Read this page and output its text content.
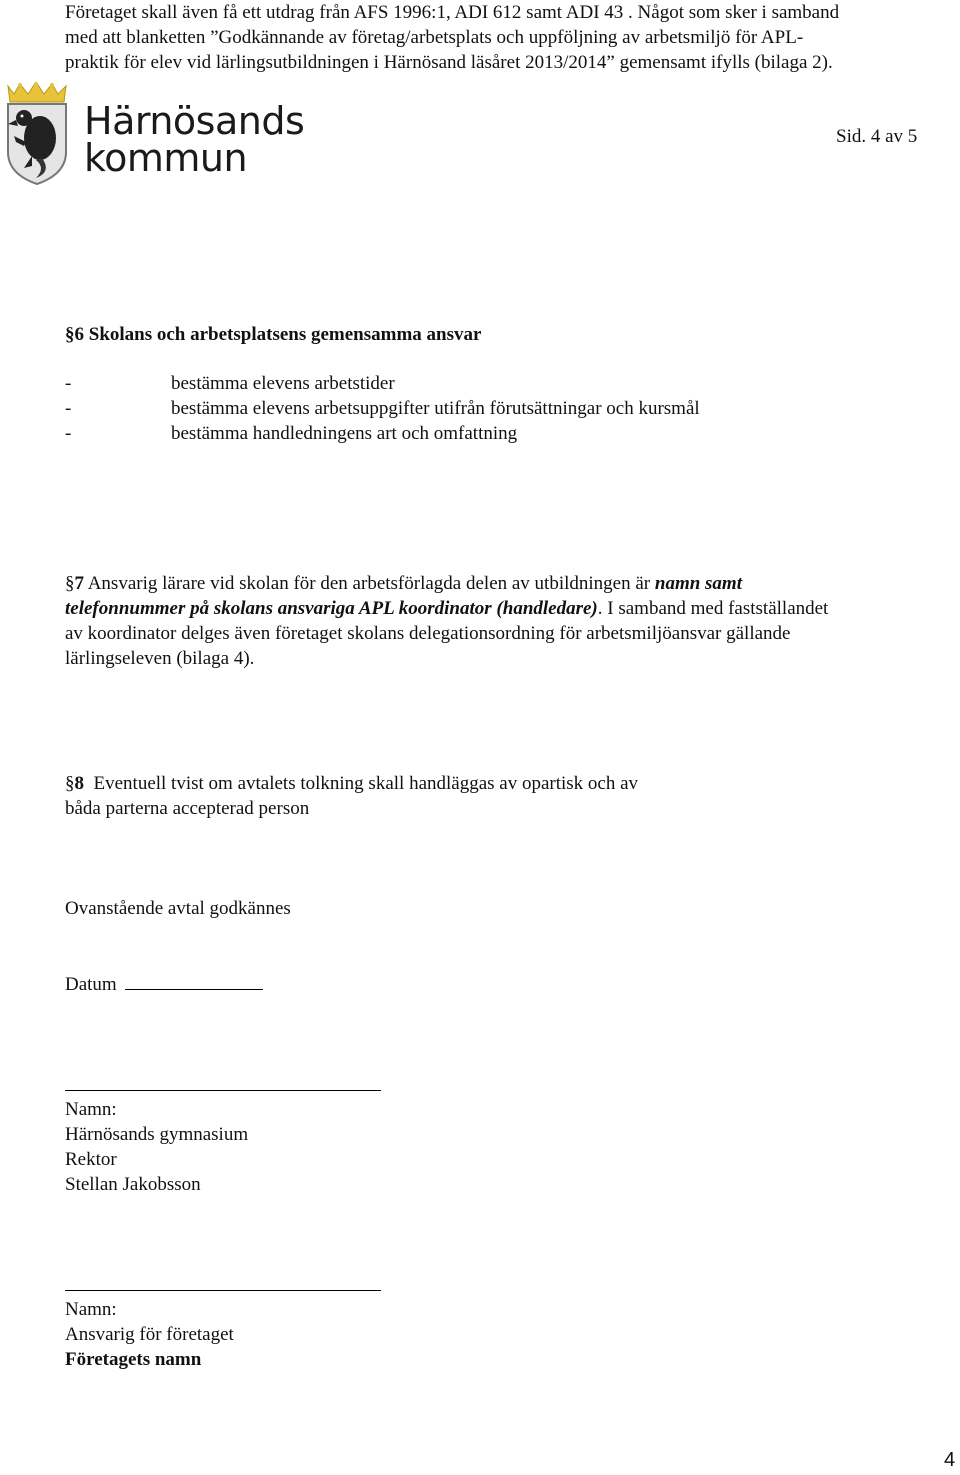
Företaget skall även få ett utdrag från AFS 1996:1, ADI 612 samt ADI 43 . Något som sker i samband
med att blanketten ”Godkännande av företag/arbetsplats och uppföljning av arbetsmiljö för APL-
praktik för elev vid lärlingsutbildningen i Härnösand läsåret 2013/2014” gemensamt ifylls (bilaga 2).
Härnösands
kommun	Sid. 4 av 5
§6 Skolans och arbetsplatsens gemensamma ansvar
-	bestämma elevens arbetstider
-	bestämma elevens arbetsuppgifter utifrån förutsättningar och kursmål
-	bestämma handledningens art och omfattning
§7 Ansvarig lärare vid skolan för den arbetsförlagda delen av utbildningen är namn samt
telefonnummer på skolans ansvariga APL koordinator (handledare). I samband med fastställandet
av koordinator delges även företaget skolans delegationsordning för arbetsmiljöansvar gällande
lärlingseleven (bilaga 4).
§8  Eventuell tvist om avtalets tolkning skall handläggas av opartisk och av
båda parterna accepterad person
Ovanstående avtal godkännes
Datum
Namn:
Härnösands gymnasium
Rektor
Stellan Jakobsson
Namn:
Ansvarig för företaget
Företagets namn
4
